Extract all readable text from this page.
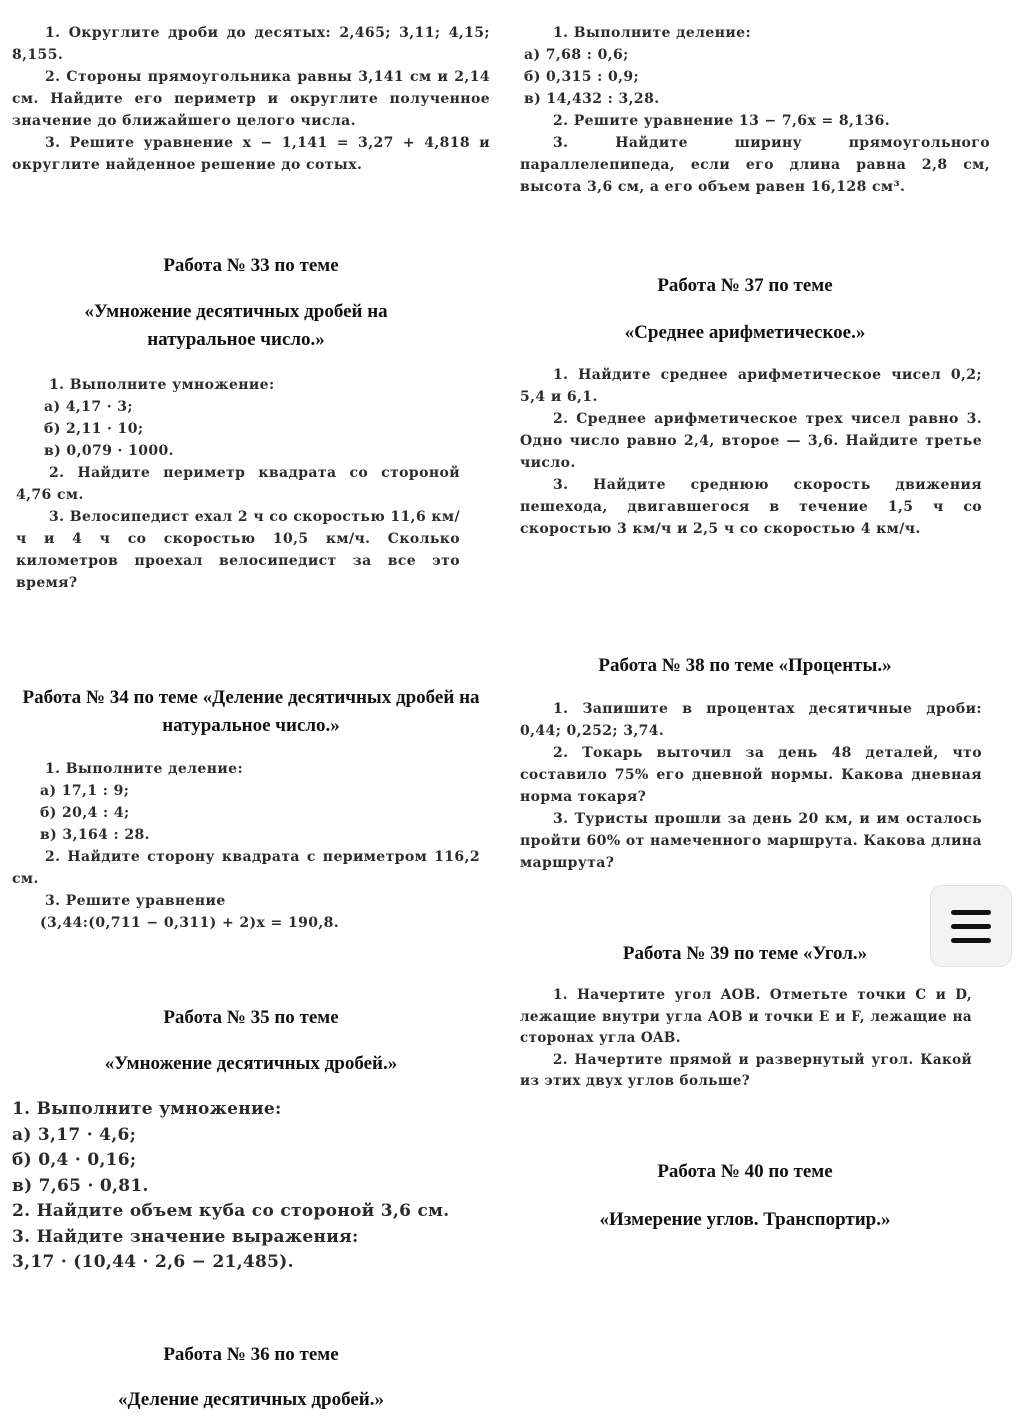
1. Округлите дроби до десятых: 2,465; 3,11; 4,15; 8,155.
2. Стороны прямоугольника равны 3,141 см и 2,14 см. Найдите его периметр и округлите полученное значение до ближайшего целого числа.
3. Решите уравнение x − 1,141 = 3,27 + 4,818 и округлите найденное решение до сотых.
Работа № 33 по теме
«Умножение десятичных дробей на натуральное число.»
1. Выполните умножение:
а) 4,17 · 3;
б) 2,11 · 10;
в) 0,079 · 1000.
2. Найдите периметр квадрата со стороной 4,76 см.
3. Велосипедист ехал 2 ч со скоростью 11,6 км/ч и 4 ч со скоростью 10,5 км/ч. Сколько километров проехал велосипедист за все это время?
Работа № 34 по теме «Деление десятичных дробей на натуральное число.»
1. Выполните деление:
а) 17,1 : 9;
б) 20,4 : 4;
в) 3,164 : 28.
2. Найдите сторону квадрата с периметром 116,2 см.
3. Решите уравнение
(3,44:(0,711 − 0,311) + 2)x = 190,8.
Работа № 35 по теме
«Умножение десятичных дробей.»
1. Выполните умножение:
а) 3,17 · 4,6;
б) 0,4 · 0,16;
в) 7,65 · 0,81.
2. Найдите объем куба со стороной 3,6 см.
3. Найдите значение выражения:
3,17 · (10,44 · 2,6 − 21,485).
Работа № 36 по теме
«Деление десятичных дробей.»
1. Выполните деление:
а) 7,68 : 0,6;
б) 0,315 : 0,9;
в) 14,432 : 3,28.
2. Решите уравнение 13 − 7,6x = 8,136.
3. Найдите ширину прямоугольного параллелепипеда, если его длина равна 2,8 см, высота 3,6 см, а его объем равен 16,128 см³.
Работа № 37 по теме
«Среднее арифметическое.»
1. Найдите среднее арифметическое чисел 0,2; 5,4 и 6,1.
2. Среднее арифметическое трех чисел равно 3. Одно число равно 2,4, второе — 3,6. Найдите третье число.
3. Найдите среднюю скорость движения пешехода, двигавшегося в течение 1,5 ч со скоростью 3 км/ч и 2,5 ч со скоростью 4 км/ч.
Работа № 38 по теме «Проценты.»
1. Запишите в процентах десятичные дроби: 0,44; 0,252; 3,74.
2. Токарь выточил за день 48 деталей, что составило 75% его дневной нормы. Какова дневная норма токаря?
3. Туристы прошли за день 20 км, и им осталось пройти 60% от намеченного маршрута. Какова длина маршрута?
Работа № 39 по теме «Угол.»
1. Начертите угол AOB. Отметьте точки C и D, лежащие внутри угла AOB и точки E и F, лежащие на сторонах угла OAB.
2. Начертите прямой и развернутый угол. Какой из этих двух углов больше?
Работа № 40 по теме
«Измерение углов. Транспортир.»
